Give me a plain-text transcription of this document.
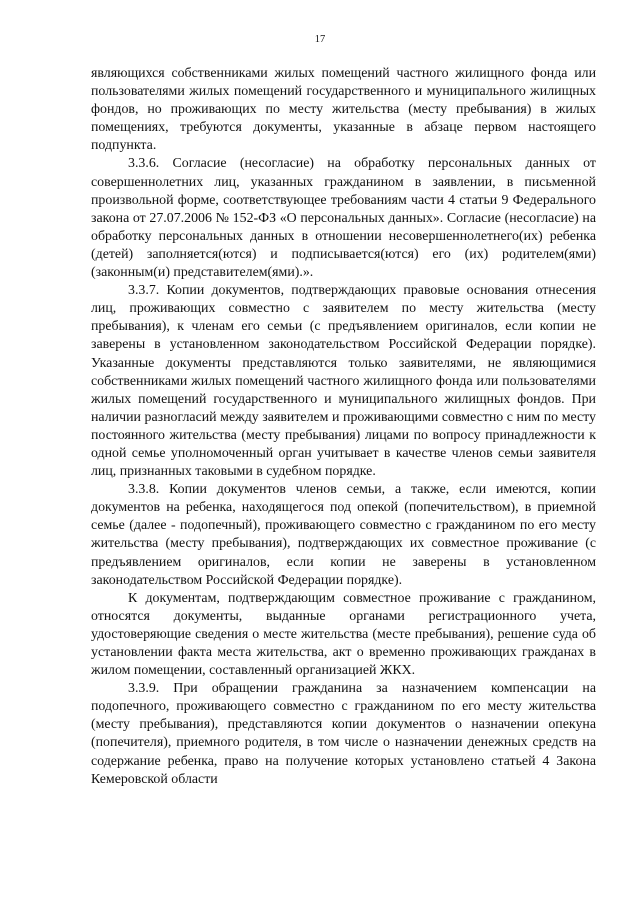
17

являющихся собственниками жилых помещений частного жилищного фонда или пользователями жилых помещений государственного и муниципального жилищных фондов, но проживающих по месту жительства (месту пребывания) в жилых помещениях, требуются документы, указанные в абзаце первом настоящего подпункта.

3.3.6. Согласие (несогласие) на обработку персональных данных от совершеннолетних лиц, указанных гражданином в заявлении, в письменной произвольной форме, соответствующее требованиям части 4 статьи 9 Федерального закона от 27.07.2006 № 152-ФЗ «О персональных данных». Согласие (несогласие) на обработку персональных данных в отношении несовершеннолетнего(их) ребенка (детей) заполняется(ются) и подписывается(ются) его (их) родителем(ями) (законным(и) представителем(ями).».

3.3.7. Копии документов, подтверждающих правовые основания отнесения лиц, проживающих совместно с заявителем по месту жительства (месту пребывания), к членам его семьи (с предъявлением оригиналов, если копии не заверены в установленном законодательством Российской Федерации порядке). Указанные документы представляются только заявителями, не являющимися собственниками жилых помещений частного жилищного фонда или пользователями жилых помещений государственного и муниципального жилищных фондов. При наличии разногласий между заявителем и проживающими совместно с ним по месту постоянного жительства (месту пребывания) лицами по вопросу принадлежности к одной семье уполномоченный орган учитывает в качестве членов семьи заявителя лиц, признанных таковыми в судебном порядке.

3.3.8. Копии документов членов семьи, а также, если имеются, копии документов на ребенка, находящегося под опекой (попечительством), в приемной семье (далее - подопечный), проживающего совместно с гражданином по его месту жительства (месту пребывания), подтверждающих их совместное проживание (с предъявлением оригиналов, если копии не заверены в установленном законодательством Российской Федерации порядке).

К документам, подтверждающим совместное проживание с гражданином, относятся документы, выданные органами регистрационного учета, удостоверяющие сведения о месте жительства (месте пребывания), решение суда об установлении факта места жительства, акт о временно проживающих гражданах в жилом помещении, составленный организацией ЖКХ.

3.3.9. При обращении гражданина за назначением компенсации на подопечного, проживающего совместно с гражданином по его месту жительства (месту пребывания), представляются копии документов о назначении опекуна (попечителя), приемного родителя, в том числе о назначении денежных средств на содержание ребенка, право на получение которых установлено статьей 4 Закона Кемеровской области
